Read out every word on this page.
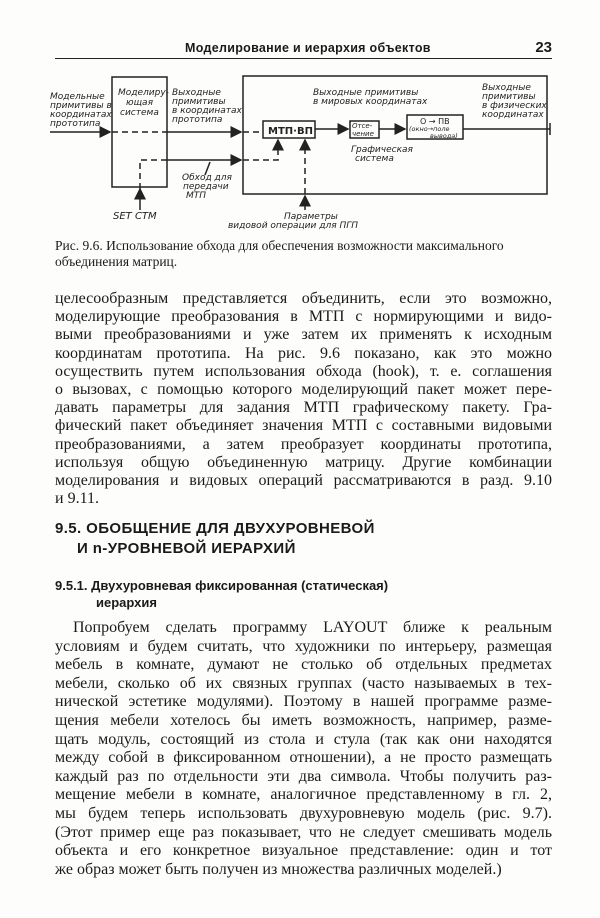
Моделирование и иерархия объектов	23
Модельные
примитивы в
координатах
прототипа
Моделиру-
ющая
система
Выходные
примитивы
в координатах
прототипа
Выходные примитивы
в мировых координатах
МТП·ВП	Отсе-
чение
О → ПВ
(окно→поле
вывода)
Графическая
система
Выходные
примитивы
в физических
координатах
Обход для
передачи
МТП
SET CTM	Параметры
видовой операции для ПГП
Рис. 9.6. Использование обхода для обеспечения возможности максимального объединения матриц.
целесообразным представляется объединить, если это возможно,
моделирующие преобразования в МТП с нормирующими и видо-
выми преобразованиями и уже затем их применять к исходным
координатам прототипа. На рис. 9.6 показано, как это можно
осуществить путем использования обхода (hook), т. е. соглашения
о вызовах, с помощью которого моделирующий пакет может пере-
давать параметры для задания МТП графическому пакету. Гра-
фический пакет объединяет значения МТП с составными видовыми
преобразованиями, а затем преобразует координаты прототипа,
используя общую объединенную матрицу. Другие комбинации
моделирования и видовых операций рассматриваются в разд. 9.10
и 9.11.
9.5. ОБОБЩЕНИЕ ДЛЯ ДВУХУРОВНЕВОЙ
И n-УРОВНЕВОЙ ИЕРАРХИЙ
9.5.1. Двухуровневая фиксированная (статическая)
иерархия
Попробуем сделать программу LAYOUT ближе к реальным
условиям и будем считать, что художники по интерьеру, размещая
мебель в комнате, думают не столько об отдельных предметах
мебели, сколько об их связных группах (часто называемых в тех-
нической эстетике модулями). Поэтому в нашей программе разме-
щения мебели хотелось бы иметь возможность, например, разме-
щать модуль, состоящий из стола и стула (так как они находятся
между собой в фиксированном отношении), а не просто размещать
каждый раз по отдельности эти два символа. Чтобы получить раз-
мещение мебели в комнате, аналогичное представленному в гл. 2,
мы будем теперь использовать двухуровневую модель (рис. 9.7).
(Этот пример еще раз показывает, что не следует смешивать модель
объекта и его конкретное визуальное представление: один и тот
же образ может быть получен из множества различных моделей.)
